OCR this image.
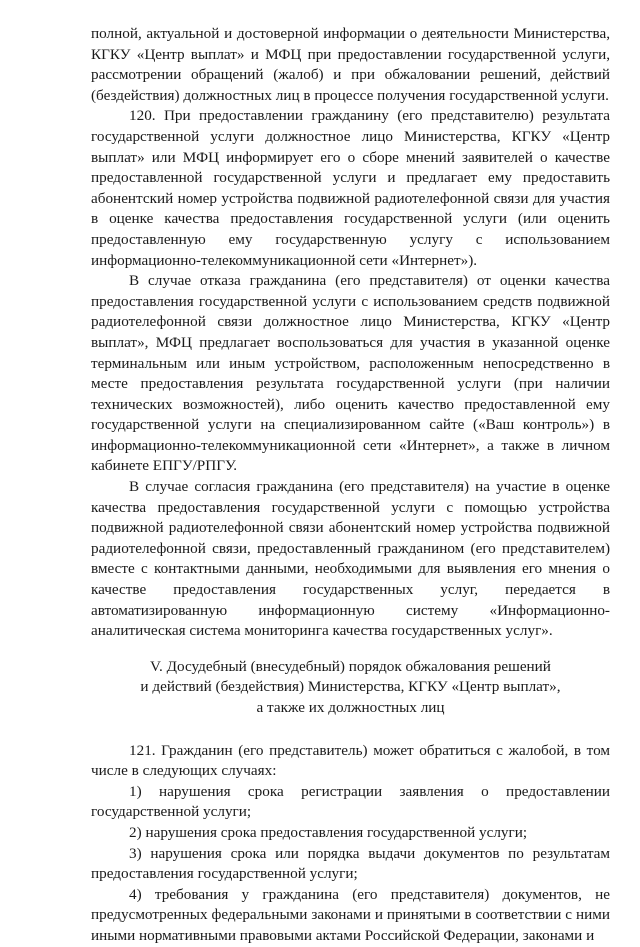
полной, актуальной и достоверной информации о деятельности Министерства, КГКУ «Центр выплат» и МФЦ при предоставлении государственной услуги, рассмотрении обращений (жалоб) и при обжаловании решений, действий (бездействия) должностных лиц в процессе получения государственной услуги.

120. При предоставлении гражданину (его представителю) результата государственной услуги должностное лицо Министерства, КГКУ «Центр выплат» или МФЦ информирует его о сборе мнений заявителей о качестве предоставленной государственной услуги и предлагает ему предоставить абонентский номер устройства подвижной радиотелефонной связи для участия в оценке качества предоставления государственной услуги (или оценить предоставленную ему государственную услугу с использованием информационно-телекоммуникационной сети «Интернет»).

В случае отказа гражданина (его представителя) от оценки качества предоставления государственной услуги с использованием средств подвижной радиотелефонной связи должностное лицо Министерства, КГКУ «Центр выплат», МФЦ предлагает воспользоваться для участия в указанной оценке терминальным или иным устройством, расположенным непосредственно в месте предоставления результата государственной услуги (при наличии технических возможностей), либо оценить качество предоставленной ему государственной услуги на специализированном сайте («Ваш контроль») в информационно-телекоммуникационной сети «Интернет», а также в личном кабинете ЕПГУ/РПГУ.

В случае согласия гражданина (его представителя) на участие в оценке качества предоставления государственной услуги с помощью устройства подвижной радиотелефонной связи абонентский номер устройства подвижной радиотелефонной связи, предоставленный гражданином (его представителем) вместе с контактными данными, необходимыми для выявления его мнения о качестве предоставления государственных услуг, передается в автоматизированную информационную систему «Информационно-аналитическая система мониторинга качества государственных услуг».

V. Досудебный (внесудебный) порядок обжалования решений
и действий (бездействия) Министерства, КГКУ «Центр выплат»,
а также их должностных лиц

121. Гражданин (его представитель) может обратиться с жалобой, в том числе в следующих случаях:

1) нарушения срока регистрации заявления о предоставлении государственной услуги;

2) нарушения срока предоставления государственной услуги;

3) нарушения срока или порядка выдачи документов по результатам предоставления государственной услуги;

4) требования у гражданина (его представителя) документов, не предусмотренных федеральными законами и принятыми в соответствии с ними иными нормативными правовыми актами Российской Федерации, законами и
